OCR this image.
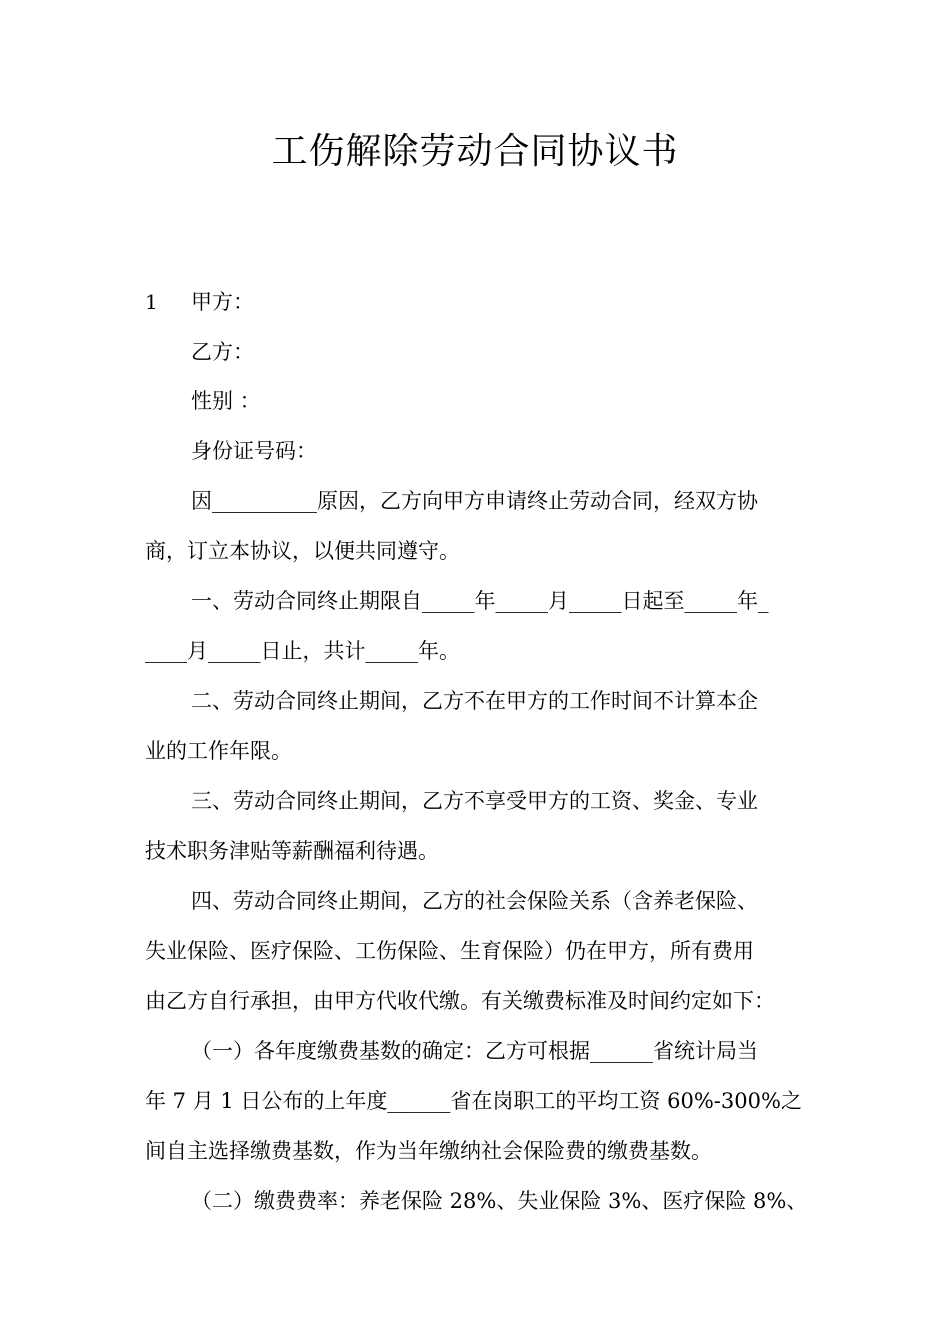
工伤解除劳动合同协议书
1 甲方：
乙方：
性别 ：
身份证号码：
因__________原因，乙方向甲方申请终止劳动合同，经双方协
商，订立本协议，以便共同遵守。
一、劳动合同终止期限自_____年_____月_____日起至_____年_
____月_____日止，共计_____年。
二、劳动合同终止期间，乙方不在甲方的工作时间不计算本企
业的工作年限。
三、劳动合同终止期间，乙方不享受甲方的工资、奖金、专业
技术职务津贴等薪酬福利待遇。
四、劳动合同终止期间，乙方的社会保险关系（含养老保险、
失业保险、医疗保险、工伤保险、生育保险）仍在甲方，所有费用
由乙方自行承担，由甲方代收代缴。有关缴费标准及时间约定如下：
（一）各年度缴费基数的确定：乙方可根据______省统计局当
年 7 月 1 日公布的上年度______省在岗职工的平均工资 60%-300%之
间自主选择缴费基数，作为当年缴纳社会保险费的缴费基数。
（二）缴费费率：养老保险 28%、失业保险 3%、医疗保险 8%、
